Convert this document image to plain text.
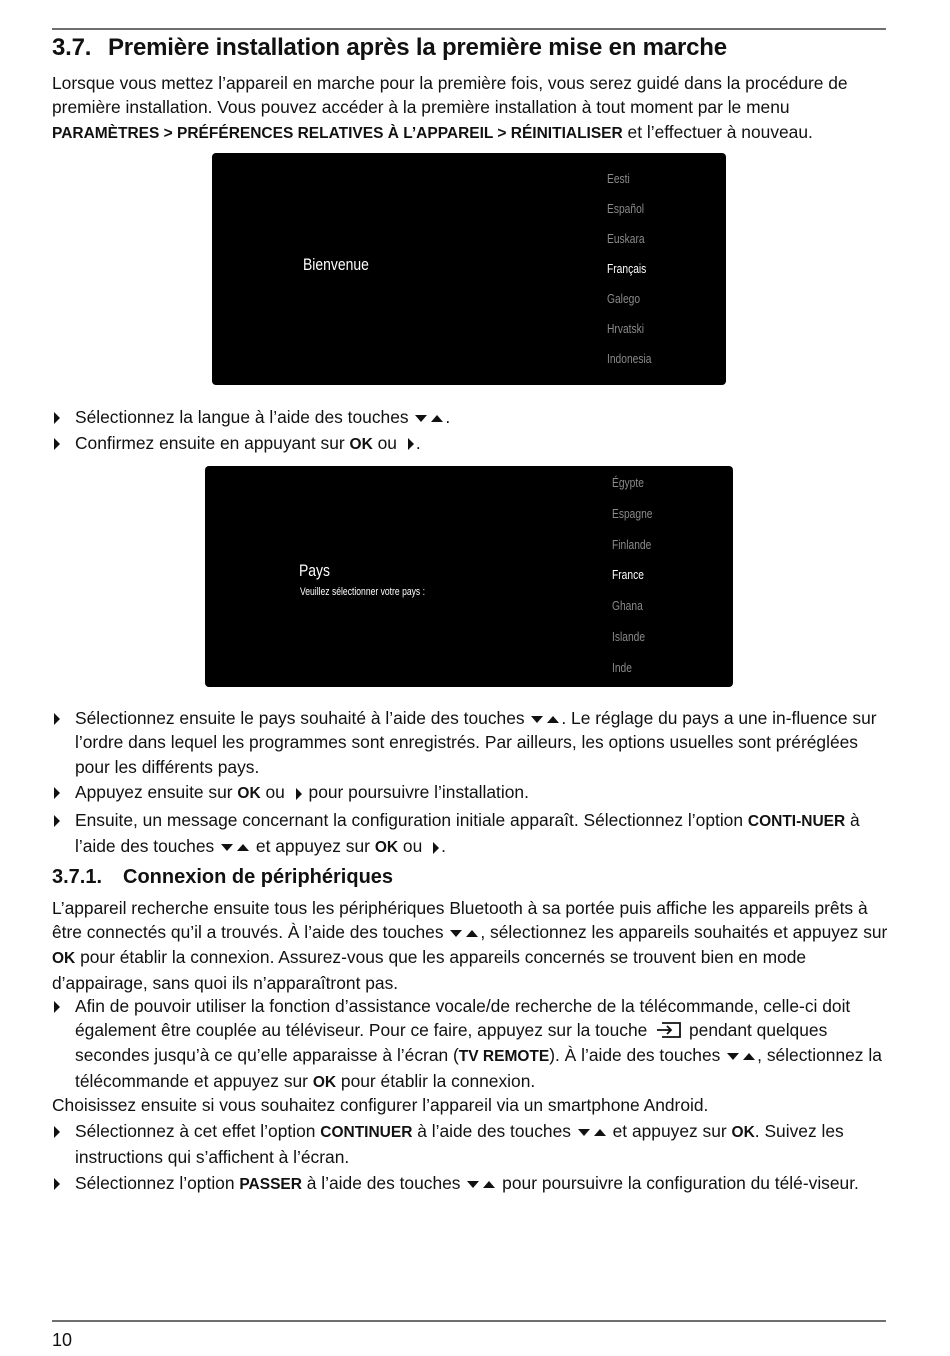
3.7. Première installation après la première mise en marche

Lorsque vous mettez l’appareil en marche pour la première fois, vous serez guidé dans la procédure de première installation. Vous pouvez accéder à la première installation à tout moment par le menu PARAMÈTRES > PRÉFÉRENCES RELATIVES À L’APPAREIL > RÉINITIALISER et l’effectuer à nouveau.

Bienvenue
Eesti
Español
Euskara
Français
Galego
Hrvatski
Indonesia
Sélectionnez la langue à l’aide des touches .
Confirmez ensuite en appuyant sur OK ou .
Pays
Veuillez sélectionner votre pays :
Égypte
Espagne
Finlande
France
Ghana
Islande
Inde
Sélectionnez ensuite le pays souhaité à l’aide des touches . Le réglage du pays a une in-fluence sur l’ordre dans lequel les programmes sont enregistrés. Par ailleurs, les options usuelles sont préréglées pour les différents pays.
Appuyez ensuite sur OK ou  pour poursuivre l’installation.
Ensuite, un message concernant la configuration initiale apparaît. Sélectionnez l’option CONTI-NUER à l’aide des touches  et appuyez sur OK ou .
3.7.1. Connexion de périphériques

L’appareil recherche ensuite tous les périphériques Bluetooth à sa portée puis affiche les appareils prêts à être connectés qu’il a trouvés. À l’aide des touches , sélectionnez les appareils souhaités et appuyez sur OK pour établir la connexion. Assurez-vous que les appareils concernés se trouvent bien en mode d’appairage, sans quoi ils n’apparaîtront pas.

Afin de pouvoir utiliser la fonction d’assistance vocale/de recherche de la télécommande, celle-ci doit également être couplée au téléviseur. Pour ce faire, appuyez sur la touche  pendant quelques secondes jusqu’à ce qu’elle apparaisse à l’écran (TV REMOTE). À l’aide des touches , sélectionnez la télécommande et appuyez sur OK pour établir la connexion.

Choisissez ensuite si vous souhaitez configurer l’appareil via un smartphone Android.

Sélectionnez à cet effet l’option CONTINUER à l’aide des touches  et appuyez sur OK. Suivez les instructions qui s’affichent à l’écran.
Sélectionnez l’option PASSER à l’aide des touches  pour poursuivre la configuration du télé-viseur.
10
